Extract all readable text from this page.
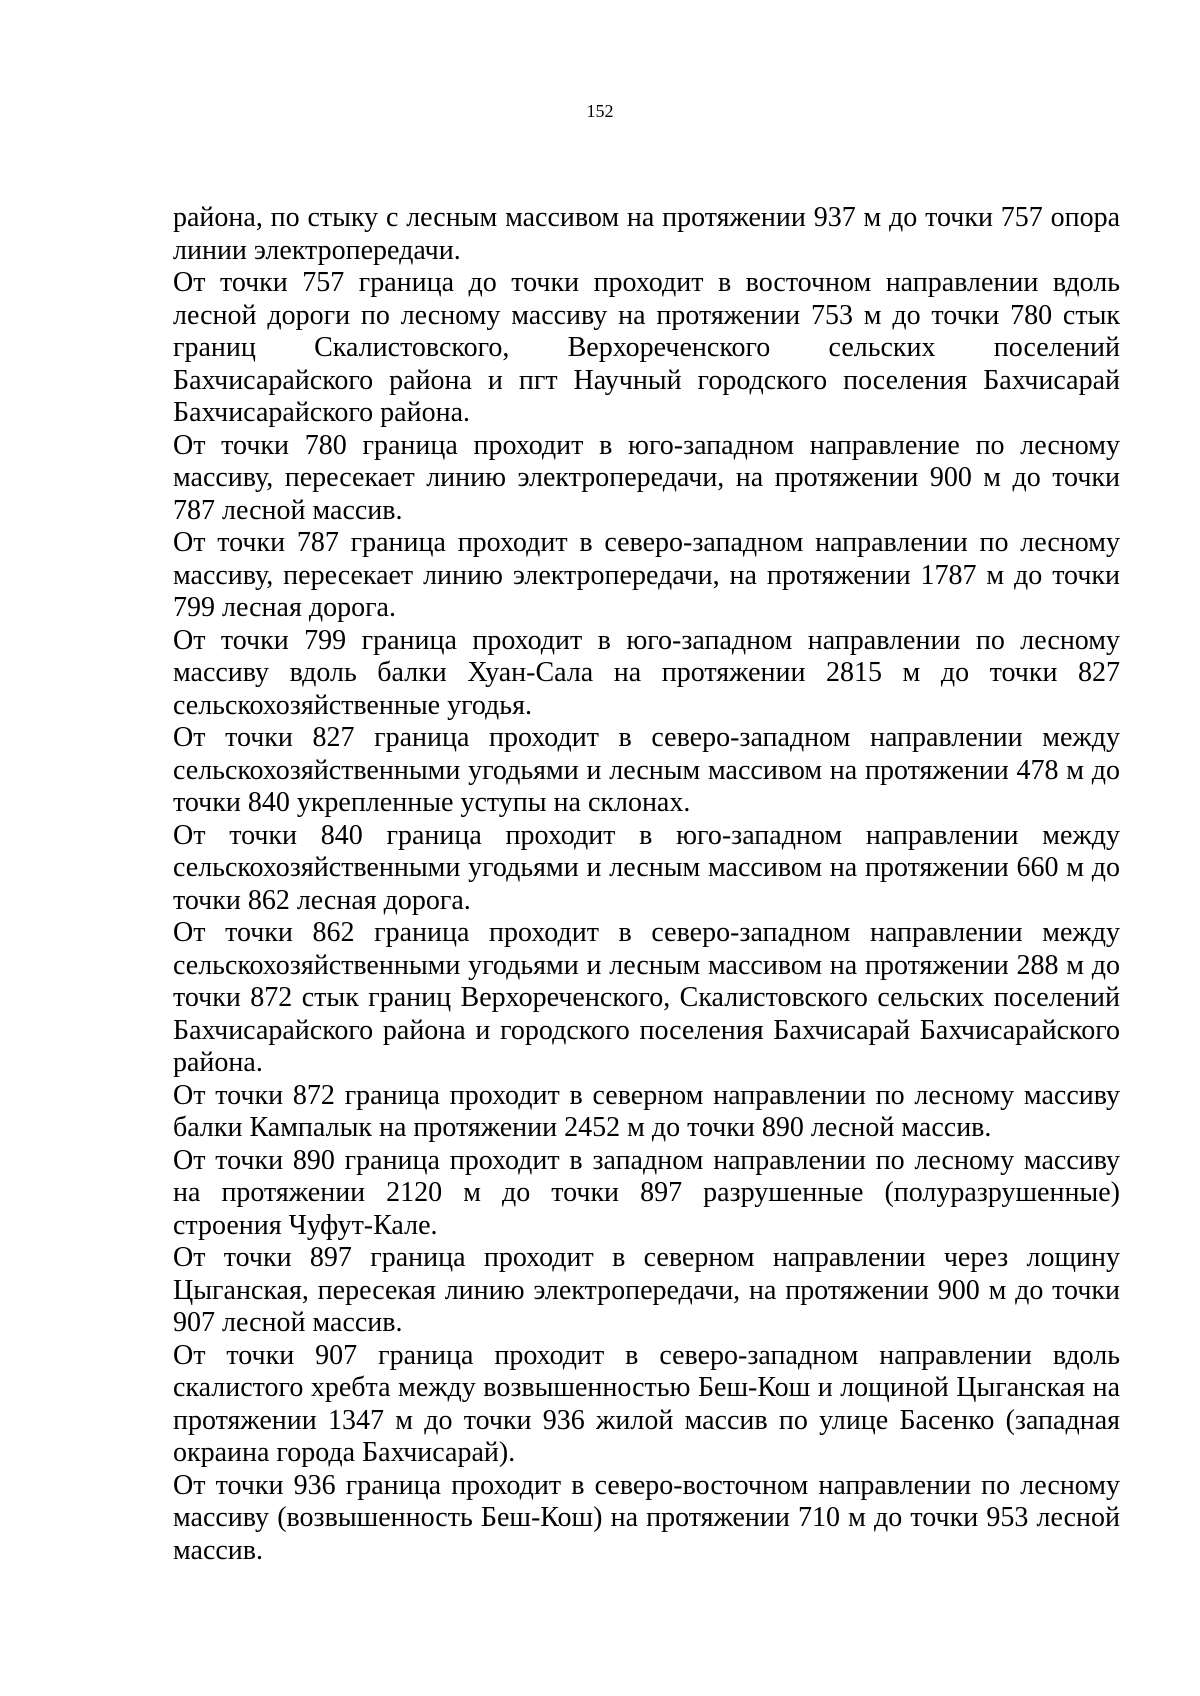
152

района, по стыку с лесным массивом на протяжении 937 м до точки 757 опора линии электропередачи.

От точки 757 граница до точки проходит в восточном направлении вдоль лесной дороги по лесному массиву на протяжении 753 м до точки 780 стык границ Скалистовского, Верхореченского сельских поселений Бахчисарайского района и пгт Научный городского поселения Бахчисарай Бахчисарайского района.

От точки 780 граница проходит в юго-западном направление по лесному массиву, пересекает линию электропередачи, на протяжении 900 м до точки 787 лесной массив.

От точки 787 граница проходит в северо-западном направлении по лесному массиву, пересекает линию электропередачи, на протяжении 1787 м до точки 799 лесная дорога.

От точки 799 граница проходит в юго-западном направлении по лесному массиву вдоль балки Хуан-Сала на протяжении 2815 м до точки 827 сельскохозяйственные угодья.

От точки 827 граница проходит в северо-западном направлении между сельскохозяйственными угодьями и лесным массивом на протяжении 478 м до точки 840 укрепленные уступы на склонах.

От точки 840 граница проходит в юго-западном направлении между сельскохозяйственными угодьями и лесным массивом на протяжении 660 м до точки 862 лесная дорога.

От точки 862 граница проходит в северо-западном направлении между сельскохозяйственными угодьями и лесным массивом на протяжении 288 м до точки 872 стык границ Верхореченского, Скалистовского сельских поселений Бахчисарайского района и городского поселения Бахчисарай Бахчисарайского района.

От точки 872 граница проходит в северном направлении по лесному массиву балки Кампалык на протяжении 2452 м до точки 890 лесной массив.

От точки 890 граница проходит в западном направлении по лесному массиву на протяжении 2120 м до точки 897 разрушенные (полуразрушенные) строения Чуфут-Кале.

От точки 897 граница проходит в северном направлении через лощину Цыганская, пересекая линию электропередачи, на протяжении 900 м до точки 907 лесной массив.

От точки 907 граница проходит в северо-западном направлении вдоль скалистого хребта между возвышенностью Беш-Кош и лощиной Цыганская на протяжении 1347 м до точки 936 жилой массив по улице Басенко (западная окраина города Бахчисарай).

От точки 936 граница проходит в северо-восточном направлении по лесному массиву (возвышенность Беш-Кош) на протяжении 710 м до точки 953 лесной массив.
